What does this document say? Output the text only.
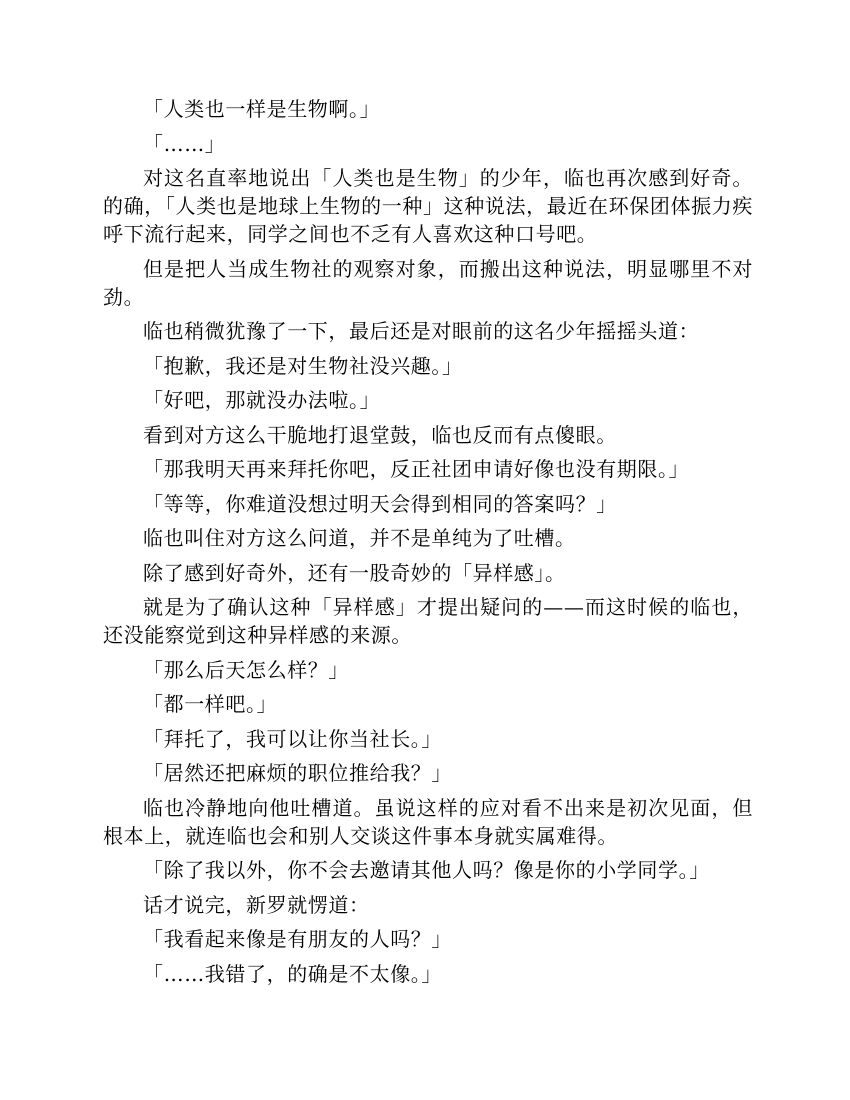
「人类也一样是生物啊。」

「……」

对这名直率地说出「人类也是生物」的少年，临也再次感到好奇。的确，「人类也是地球上生物的一种」这种说法，最近在环保团体振力疾呼下流行起来，同学之间也不乏有人喜欢这种口号吧。

但是把人当成生物社的观察对象，而搬出这种说法，明显哪里不对劲。

临也稍微犹豫了一下，最后还是对眼前的这名少年摇摇头道：

「抱歉，我还是对生物社没兴趣。」

「好吧，那就没办法啦。」

看到对方这么干脆地打退堂鼓，临也反而有点傻眼。

「那我明天再来拜托你吧，反正社团申请好像也没有期限。」

「等等，你难道没想过明天会得到相同的答案吗？」

临也叫住对方这么问道，并不是单纯为了吐槽。

除了感到好奇外，还有一股奇妙的「异样感」。

就是为了确认这种「异样感」才提出疑问的——而这时候的临也，还没能察觉到这种异样感的来源。

「那么后天怎么样？」

「都一样吧。」

「拜托了，我可以让你当社长。」

「居然还把麻烦的职位推给我？」

临也冷静地向他吐槽道。虽说这样的应对看不出来是初次见面，但根本上，就连临也会和别人交谈这件事本身就实属难得。

「除了我以外，你不会去邀请其他人吗？像是你的小学同学。」

话才说完，新罗就愣道：

「我看起来像是有朋友的人吗？」

「……我错了，的确是不太像。」
